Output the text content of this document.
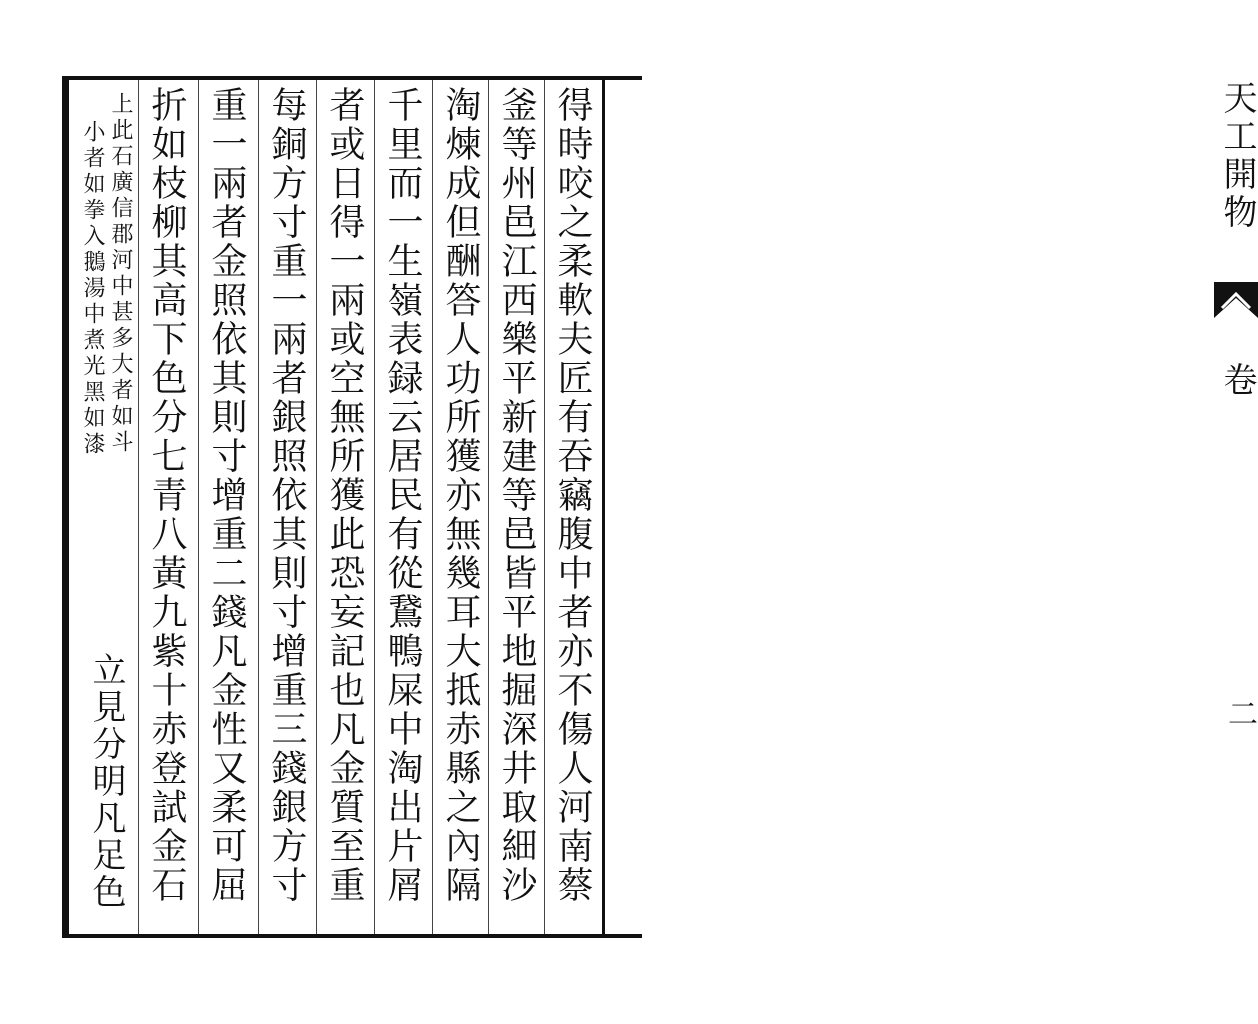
得時咬之柔軟夫匠有吞竊腹中者亦不傷人河南蔡
釜等州邑江西樂平新建等邑皆平地掘深井取細沙
淘煉成但酬答人功所獲亦無幾耳大抵赤縣之內隔
千里而一生嶺表録云居民有從鵞鴨屎中淘出片屑
者或日得一兩或空無所獲此恐妄記也凡金質至重
每銅方寸重一兩者銀照依其則寸增重三錢銀方寸
重一兩者金照依其則寸增重二錢凡金性又柔可屈
折如枝柳其高下色分七青八黃九紫十赤登試金石
上此石廣信郡河中甚多大者如斗
小者如拳入鵝湯中煮光黑如漆
立見分明凡足色
天工開物
卷
二
